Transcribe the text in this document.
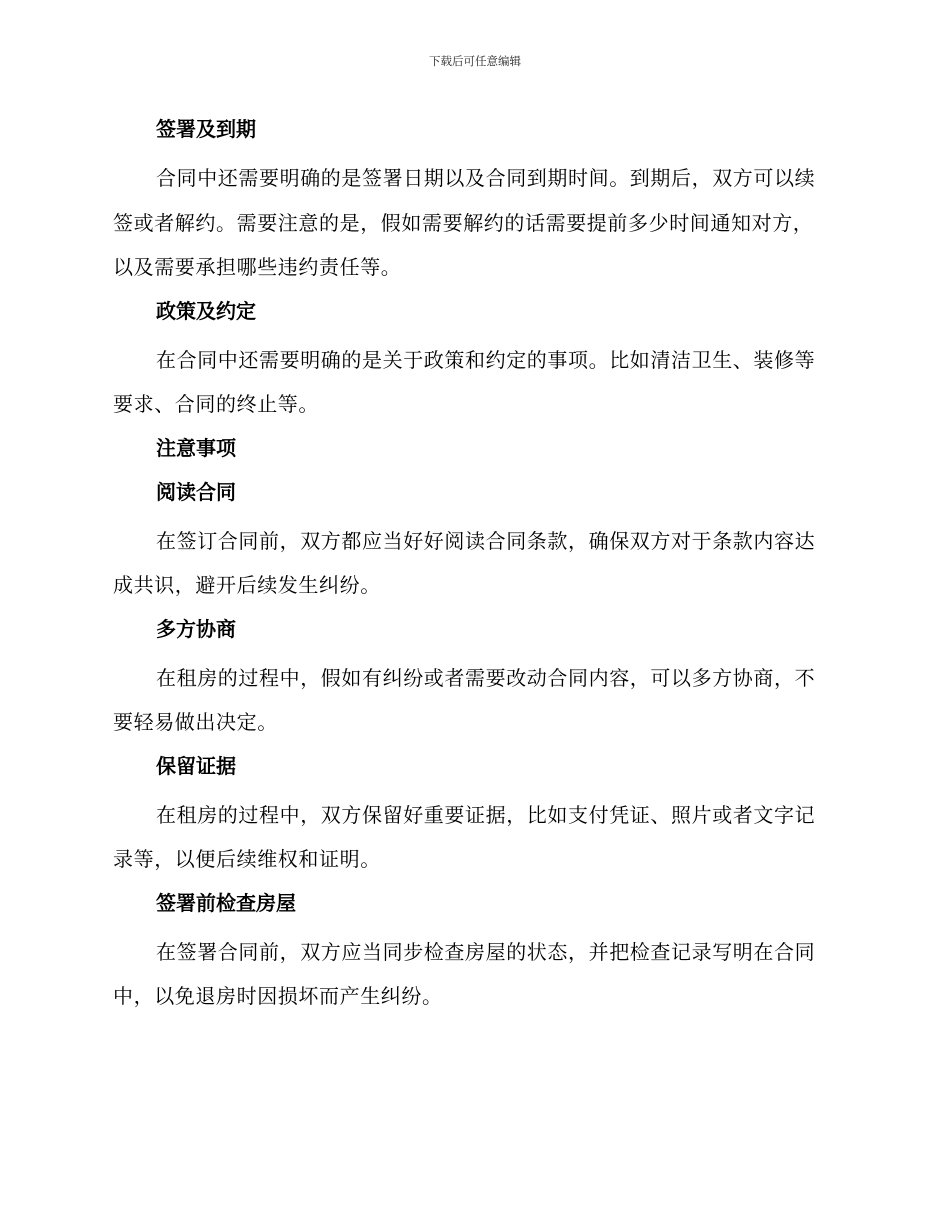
下载后可任意编辑
签署及到期

合同中还需要明确的是签署日期以及合同到期时间。到期后，双方可以续签或者解约。需要注意的是，假如需要解约的话需要提前多少时间通知对方，以及需要承担哪些违约责任等。

政策及约定

在合同中还需要明确的是关于政策和约定的事项。比如清洁卫生、装修等要求、合同的终止等。

注意事项
阅读合同

在签订合同前，双方都应当好好阅读合同条款，确保双方对于条款内容达成共识，避开后续发生纠纷。

多方协商

在租房的过程中，假如有纠纷或者需要改动合同内容，可以多方协商，不要轻易做出决定。

保留证据

在租房的过程中，双方保留好重要证据，比如支付凭证、照片或者文字记录等，以便后续维权和证明。

签署前检查房屋

在签署合同前，双方应当同步检查房屋的状态，并把检查记录写明在合同中，以免退房时因损坏而产生纠纷。
